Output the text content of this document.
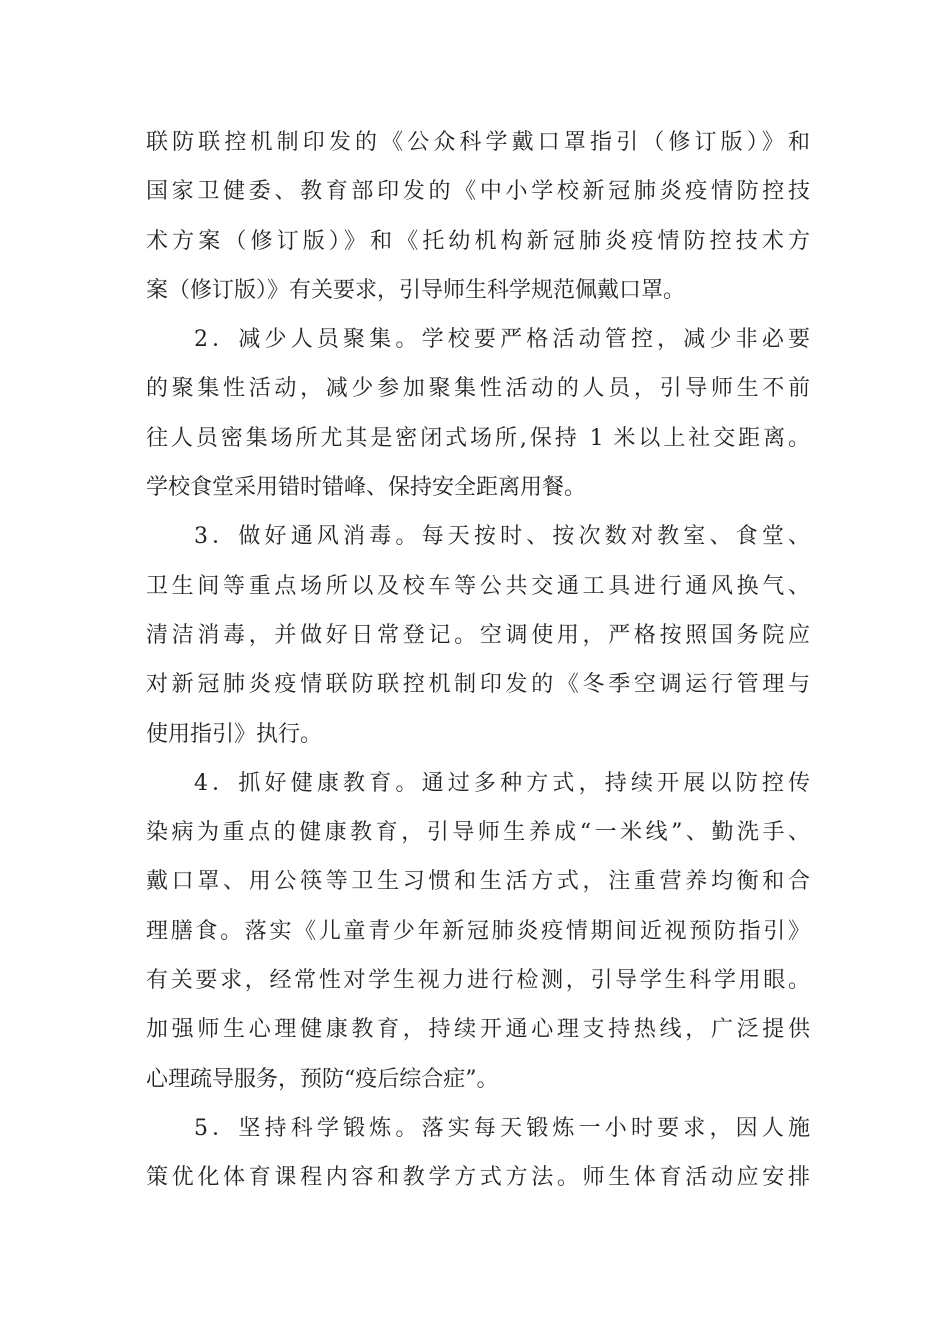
联防联控机制印发的《公众科学戴口罩指引（修订版）》和
国家卫健委、教育部印发的《中小学校新冠肺炎疫情防控技
术方案（修订版）》和《托幼机构新冠肺炎疫情防控技术方
案（修订版）》有关要求，引导师生科学规范佩戴口罩。
2．减少人员聚集。学校要严格活动管控，减少非必要
的聚集性活动，减少参加聚集性活动的人员，引导师生不前
往人员密集场所尤其是密闭式场所,保持 1 米以上社交距离。
学校食堂采用错时错峰、保持安全距离用餐。
3．做好通风消毒。每天按时、按次数对教室、食堂、
卫生间等重点场所以及校车等公共交通工具进行通风换气、
清洁消毒，并做好日常登记。空调使用，严格按照国务院应
对新冠肺炎疫情联防联控机制印发的《冬季空调运行管理与
使用指引》执行。
4．抓好健康教育。通过多种方式，持续开展以防控传
染病为重点的健康教育，引导师生养成“一米线”、勤洗手、
戴口罩、用公筷等卫生习惯和生活方式，注重营养均衡和合
理膳食。落实《儿童青少年新冠肺炎疫情期间近视预防指引》
有关要求，经常性对学生视力进行检测，引导学生科学用眼。
加强师生心理健康教育，持续开通心理支持热线，广泛提供
心理疏导服务，预防“疫后综合症”。
5．坚持科学锻炼。落实每天锻炼一小时要求，因人施
策优化体育课程内容和教学方式方法。师生体育活动应安排
